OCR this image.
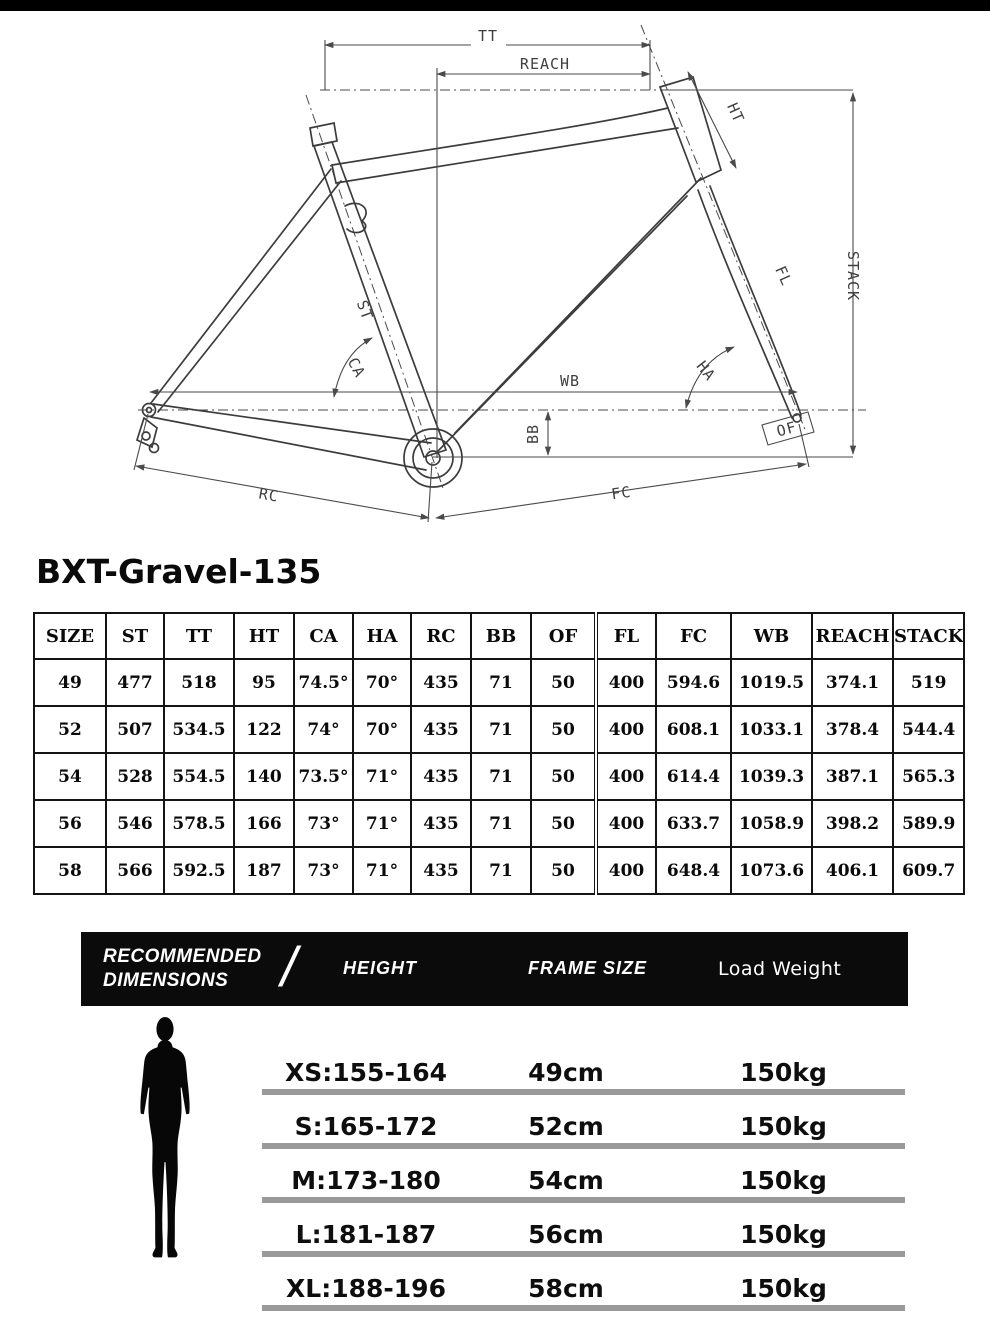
TT
REACH
HT
ST
CA	HA
WB
BB	OF
FL	STACK
RC	FC
BXT-Gravel-135
SIZE	ST	TT	HT	CA	HA	RC	BB	OF	FL	FC	WB	REACH	STACK
49	477	518	95	74.5°	70°	435	71	50	400	594.6	1019.5	374.1	519
52	507	534.5	122	74°	70°	435	71	50	400	608.1	1033.1	378.4	544.4
54	528	554.5	140	73.5°	71°	435	71	50	400	614.4	1039.3	387.1	565.3
56	546	578.5	166	73°	71°	435	71	50	400	633.7	1058.9	398.2	589.9
58	566	592.5	187	73°	71°	435	71	50	400	648.4	1073.6	406.1	609.7
RECOMMENDED
DIMENSIONS /	HEIGHT	FRAME SIZE	Load Weight
XS:155-164	49cm	150kg
S:165-172	52cm	150kg
M:173-180	54cm	150kg
L:181-187	56cm	150kg
XL:188-196	58cm	150kg
